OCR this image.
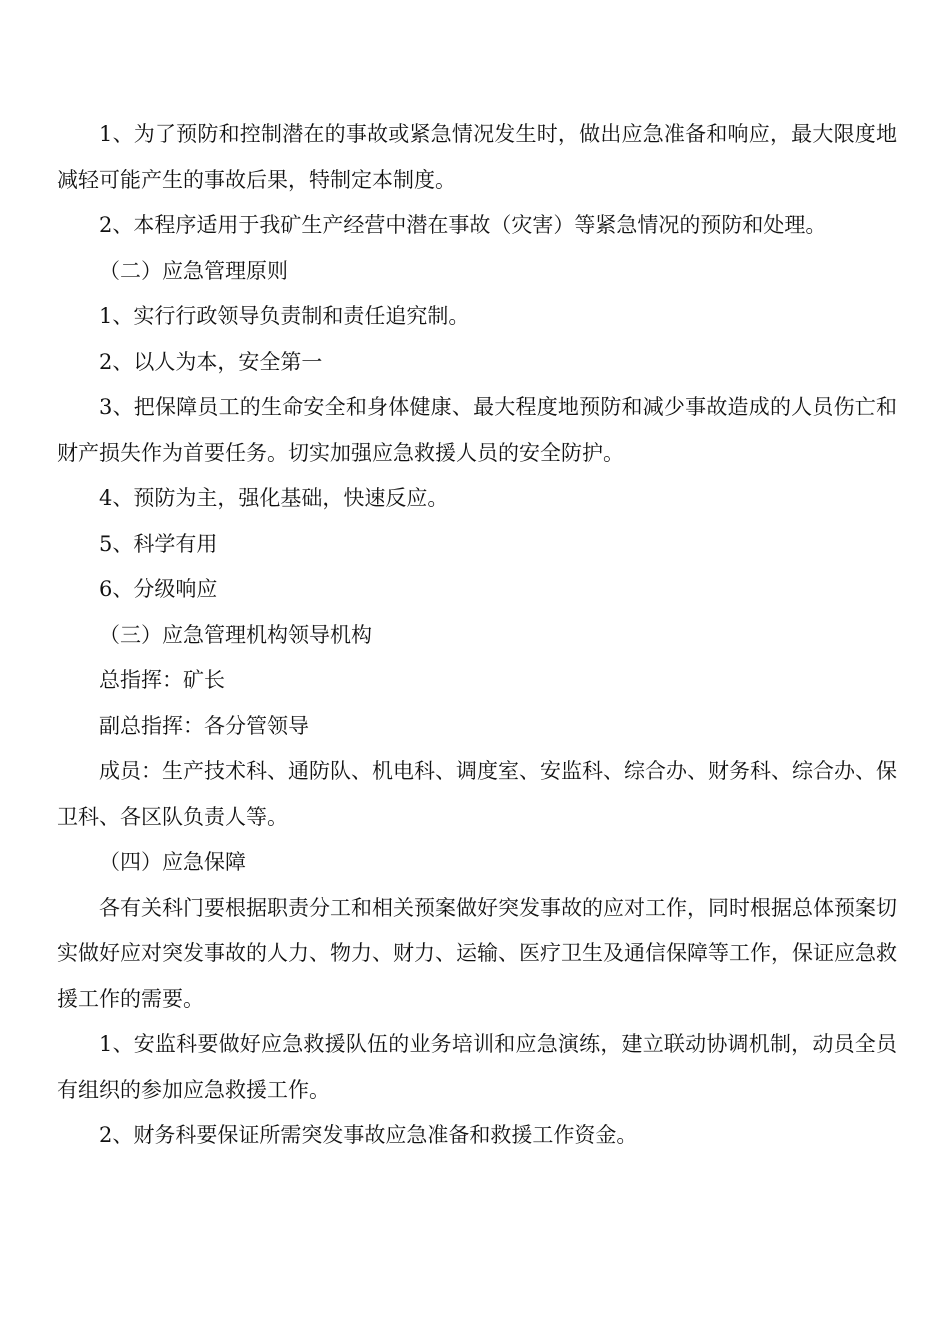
1、为了预防和控制潜在的事故或紧急情况发生时，做出应急准备和响应，最大限度地减轻可能产生的事故后果，特制定本制度。

2、本程序适用于我矿生产经营中潜在事故（灾害）等紧急情况的预防和处理。

（二）应急管理原则

1、实行行政领导负责制和责任追究制。

2、以人为本，安全第一

3、把保障员工的生命安全和身体健康、最大程度地预防和减少事故造成的人员伤亡和财产损失作为首要任务。切实加强应急救援人员的安全防护。

4、预防为主，强化基础，快速反应。

5、科学有用

6、分级响应

（三）应急管理机构领导机构

总指挥：矿长

副总指挥：各分管领导

成员：生产技术科、通防队、机电科、调度室、安监科、综合办、财务科、综合办、保卫科、各区队负责人等。

（四）应急保障

各有关科门要根据职责分工和相关预案做好突发事故的应对工作，同时根据总体预案切实做好应对突发事故的人力、物力、财力、运输、医疗卫生及通信保障等工作，保证应急救援工作的需要。

1、安监科要做好应急救援队伍的业务培训和应急演练，建立联动协调机制，动员全员有组织的参加应急救援工作。

2、财务科要保证所需突发事故应急准备和救援工作资金。
